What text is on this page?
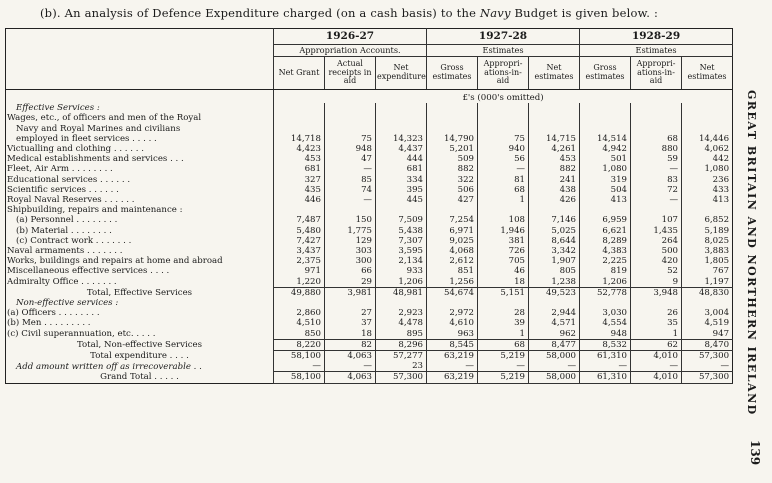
(b). An analysis of Defence Expenditure charged (on a cash basis) to the Navy Budget is given below. :
	1926-27			1927-28			1928-29		
	Appropriation Accounts.			Estimates			Estimates		
	Net Grant	Actual receipts in aid	Net expenditure	Gross estimates	Appropri-ations-in-aid	Net estimates	Gross estimates	Appropri-ations-in-aid	Net estimates
	£'s (000's omitted)								
Effective Services :									
Wages, etc., of officers and men of the Royal									
Navy and Royal Marines and civilians									
employed in fleet services . . . . .	14,718	75	14,323	14,790	75	14,715	14,514	68	14,446
Victualling and clothing . . . . . .	4,423	948	4,437	5,201	940	4,261	4,942	880	4,062
Medical establishments and services . . .	453	47	444	509	56	453	501	59	442
Fleet, Air Arm . . . . . . . .	681	—	681	882	—	882	1,080	—	1,080
Educational services . . . . . .	327	85	334	322	81	241	319	83	236
Scientific services . . . . . .	435	74	395	506	68	438	504	72	433
Royal Naval Reserves . . . . . .	446	—	445	427	1	426	413	—	413
Shipbuilding, repairs and maintenance :									
(a) Personnel . . . . . . . .	7,487	150	7,509	7,254	108	7,146	6,959	107	6,852
(b) Material . . . . . . . .	5,480	1,775	5,438	6,971	1,946	5,025	6,621	1,435	5,189
(c) Contract work . . . . . . .	7,427	129	7,307	9,025	381	8,644	8,289	264	8,025
Naval armaments . . . . . . .	3,437	303	3,595	4,068	726	3,342	4,383	500	3,883
Works, buildings and repairs at home and abroad	2,375	300	2,134	2,612	705	1,907	2,225	420	1,805
Miscellaneous effective services . . . .	971	66	933	851	46	805	819	52	767
Admiralty Office . . . . . . .	1,220	29	1,206	1,256	18	1,238	1,206	9	1,197
Total, Effective Services	49,880	3,981	48,981	54,674	5,151	49,523	52,778	3,948	48,830
Non-effective services :									
(a) Officers . . . . . . . .	2,860	27	2,923	2,972	28	2,944	3,030	26	3,004
(b) Men . . . . . . . . .	4,510	37	4,478	4,610	39	4,571	4,554	35	4,519
(c) Civil superannuation, etc. . . . .	850	18	895	963	1	962	948	1	947
Total, Non-effective Services	8,220	82	8,296	8,545	68	8,477	8,532	62	8,470
Total expenditure . . . .	58,100	4,063	57,277	63,219	5,219	58,000	61,310	4,010	57,300
Add amount written off as irrecoverable . .	—	—	23	—	—	—	—	—	—
Grand Total . . . . .	58,100	4,063	57,300	63,219	5,219	58,000	61,310	4,010	57,300 GREAT BRITAIN AND NORTHERN IRELAND
139
